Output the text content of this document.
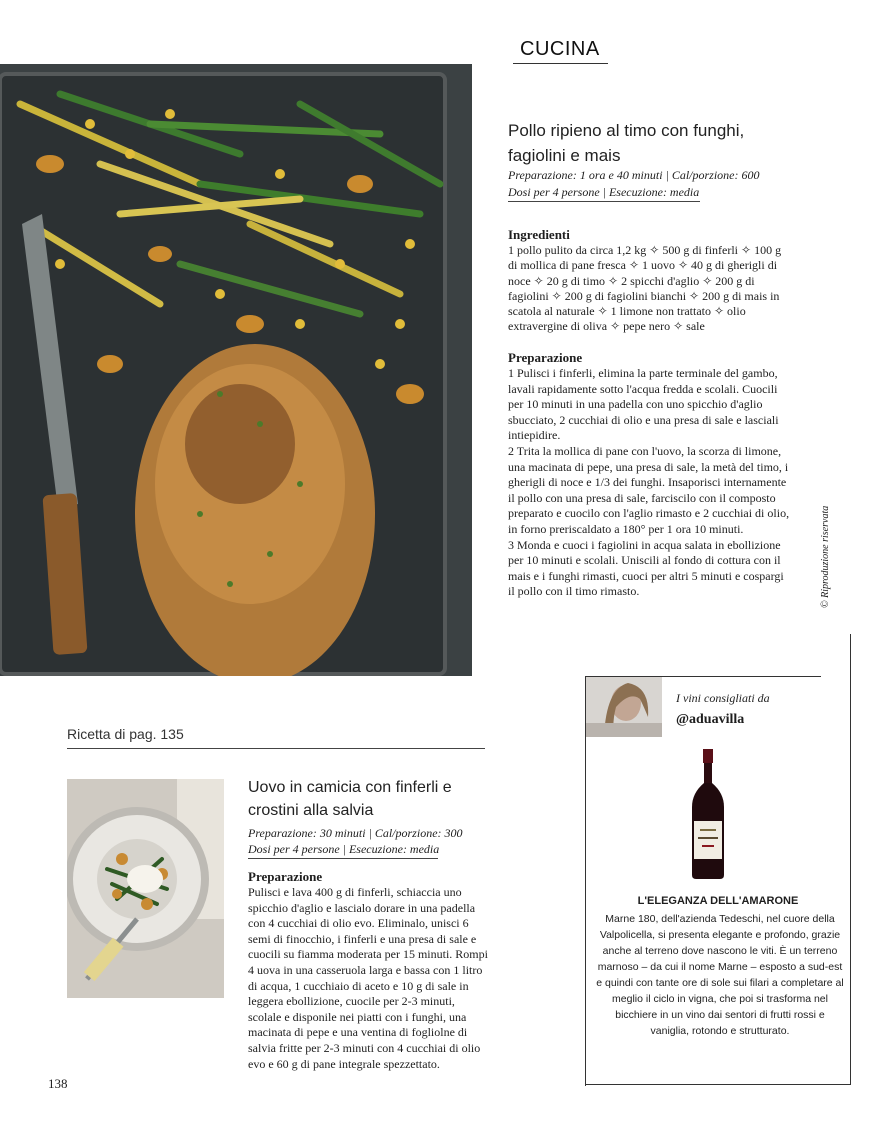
CUCINA
Pollo ripieno al timo con funghi, fagiolini e mais
Preparazione: 1 ora e 40 minuti | Cal/porzione: 600
Dosi per 4 persone | Esecuzione: media
Ingredienti
1 pollo pulito da circa 1,2 kg ✧ 500 g di finferli ✧ 100 g di mollica di pane fresca ✧ 1 uovo ✧ 40 g di gherigli di noce ✧ 20 g di timo ✧ 2 spicchi d'aglio ✧ 200 g di fagiolini ✧ 200 g di fagiolini bianchi ✧ 200 g di mais in scatola al naturale ✧ 1 limone non trattato ✧ olio extravergine di oliva ✧ pepe nero ✧ sale
Preparazione

1 Pulisci i finferli, elimina la parte terminale del gambo, lavali rapidamente sotto l'acqua fredda e scolali. Cuocili per 10 minuti in una padella con uno spicchio d'aglio sbucciato, 2 cucchiai di olio e una presa di sale e lasciali intiepidire.

2 Trita la mollica di pane con l'uovo, la scorza di limone, una macinata di pepe, una presa di sale, la metà del timo, i gherigli di noce e 1/3 dei funghi. Insaporisci internamente il pollo con una presa di sale, farciscilo con il composto preparato e cuocilo con l'aglio rimasto e 2 cucchiai di olio, in forno preriscaldato a 180° per 1 ora 10 minuti.

3 Monda e cuoci i fagiolini in acqua salata in ebollizione per 10 minuti e scolali. Uniscili al fondo di cottura con il mais e i funghi rimasti, cuoci per altri 5 minuti e cospargi il pollo con il timo rimasto.	© Riproduzione riservata
Ricetta di pag. 135
Uovo in camicia con finferli e crostini alla salvia
Preparazione: 30 minuti | Cal/porzione: 300
Dosi per 4 persone | Esecuzione: media
Preparazione
Pulisci e lava 400 g di finferli, schiaccia uno spicchio d'aglio e lascialo dorare in una padella con 4 cucchiai di olio evo. Eliminalo, unisci 6 semi di finocchio, i finferli e una presa di sale e cuocili su fiamma moderata per 15 minuti. Rompi 4 uova in una casseruola larga e bassa con 1 litro di acqua, 1 cucchiaio di aceto e 10 g di sale in leggera ebollizione, cuocile per 2-3 minuti, scolale e disponile nei piatti con i funghi, una macinata di pepe e una ventina di fogliolne di salvia fritte per 2-3 minuti con 4 cucchiai di olio evo e 60 g di pane integrale spezzettato.
138
I vini consigliati da
@aduavilla
L'ELEGANZA DELL'AMARONE
Marne 180, dell'azienda Tedeschi, nel cuore della Valpolicella, si presenta elegante e profondo, grazie anche al terreno dove nascono le viti. È un terreno marnoso – da cui il nome Marne – esposto a sud-est e quindi con tante ore di sole sui filari a completare al meglio il ciclo in vigna, che poi si trasforma nel bicchiere in un vino dai sentori di frutti rossi e vaniglia, rotondo e strutturato.
